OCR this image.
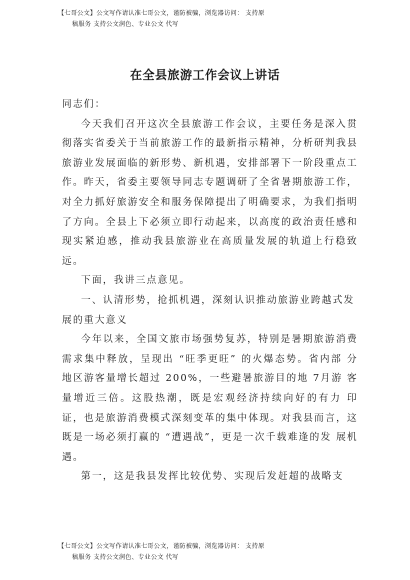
【七哥公文】公文写作请认准七哥公文，谨防被骗，浏览器访问： 支持原
稿服务 支持公文润色、专业公文 代写
在全县旅游工作会议上讲话

同志们：

今天我们召开这次全县旅游工作会议，主要任务是深入贯彻落实省委关于当前旅游工作的最新指示精神，分析研判我县旅游业发展面临的新形势、新机遇，安排部署下一阶段重点工作。昨天，省委主要领导同志专题调研了全省暑期旅游工作，对全力抓好旅游安全和服务保障提出了明确要求，为我们指明了方向。全县上下必须立即行动起来，以高度的政治责任感和现实紧迫感，推动我县旅游业在高质量发展的轨道上行稳致远。

下面，我讲三点意见。

一、认清形势，抢抓机遇，深刻认识推动旅游业跨越式发展的重大意义

今年以来，全国文旅市场强势复苏，特别是暑期旅游消费需求集中释放，呈现出 “旺季更旺” 的火爆态势。省内部 分地区游客量增长超过 200%，一些避暑旅游目的地 7月游 客量增近三倍。这股热潮，既是宏观经济持续向好的有力 印证，也是旅游消费模式深刻变革的集中体现。对我县而言，这 既是一场必须打赢的 “遭遇战”，更是一次千载难逢的发 展机遇。

第一，这是我县发挥比较优势、实现后发赶超的战略支

【七哥公文】公文写作请认准七哥公文，谨防被骗，浏览器访问： 支持原
稿服务 支持公文润色、专业公文 代写
